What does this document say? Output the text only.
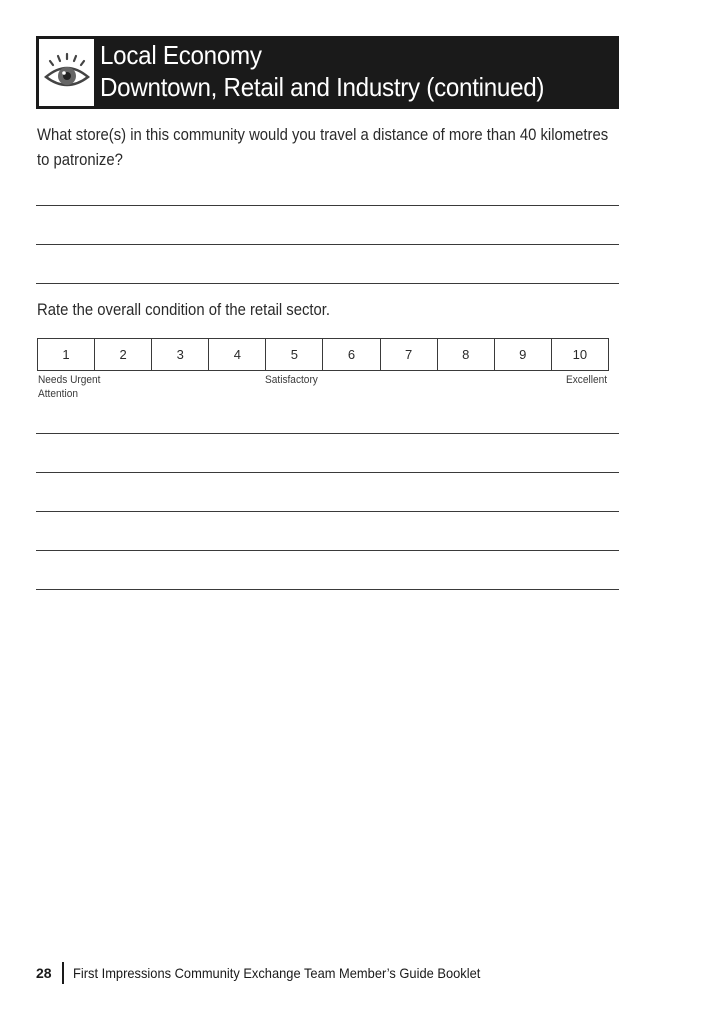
Local Economy
Downtown, Retail and Industry (continued)
What store(s) in this community would you travel a distance of more than 40 kilometres to patronize?
Rate the overall condition of the retail sector.
1	2	3	4	5	6	7	8	9	10
Needs Urgent Attention
Satisfactory	Excellent
28 First Impressions Community Exchange Team Member’s Guide Booklet
